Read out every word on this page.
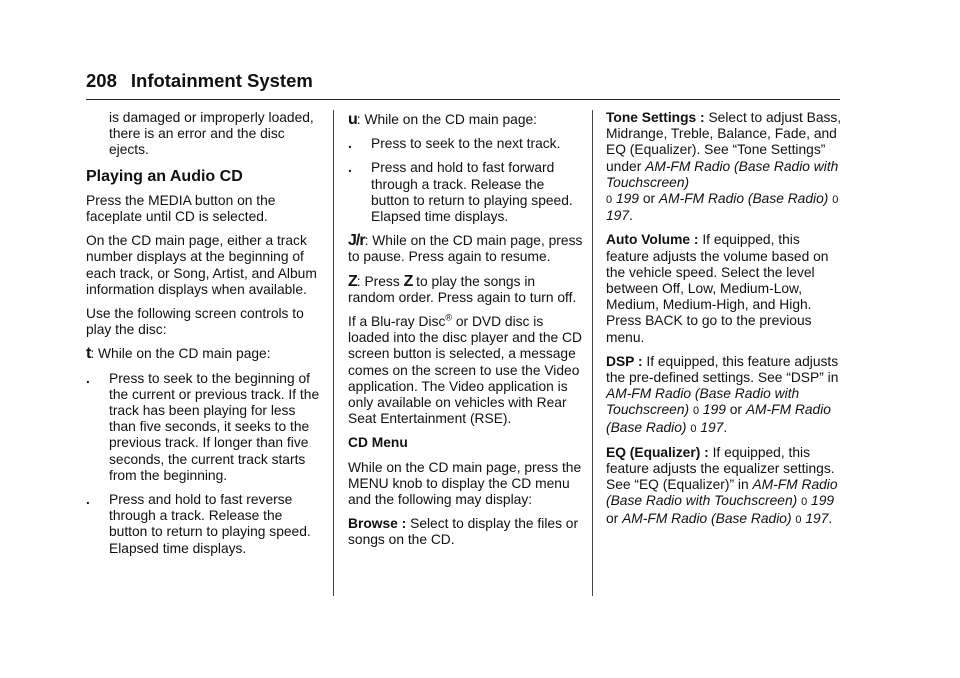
208 Infotainment System

is damaged or improperly loaded, there is an error and the disc ejects.

Playing an Audio CD

Press the MEDIA button on the faceplate until CD is selected.

On the CD main page, either a track number displays at the beginning of each track, or Song, Artist, and Album information displays when available.

Use the following screen controls to play the disc:

t: While on the CD main page:

.	Press to seek to the beginning of the current or previous track. If the track has been playing for less than five seconds, it seeks to the previous track. If longer than five seconds, the current track starts from the beginning.
.	Press and hold to fast reverse through a track. Release the button to return to playing speed. Elapsed time displays.

u: While on the CD main page:

.	Press to seek to the next track.
.	Press and hold to fast forward through a track. Release the button to return to playing speed. Elapsed time displays.

J/r: While on the CD main page, press to pause. Press again to resume.

Z: Press Z to play the songs in random order. Press again to turn off.

If a Blu-ray Disc® or DVD disc is loaded into the disc player and the CD screen button is selected, a message comes on the screen to use the Video application. The Video application is only available on vehicles with Rear Seat Entertainment (RSE).

CD Menu

While on the CD main page, press the MENU knob to display the CD menu and the following may display:

Browse : Select to display the files or songs on the CD.

Tone Settings : Select to adjust Bass, Midrange, Treble, Balance, Fade, and EQ (Equalizer). See “Tone Settings” under AM-FM Radio (Base Radio with Touchscreen)
0 199 or AM-FM Radio (Base Radio) 0 197.

Auto Volume : If equipped, this feature adjusts the volume based on the vehicle speed. Select the level between Off, Low, Medium-Low, Medium, Medium-High, and High. Press BACK to go to the previous menu.

DSP : If equipped, this feature adjusts the pre-defined settings. See “DSP” in AM-FM Radio (Base Radio with Touchscreen) 0 199 or AM-FM Radio (Base Radio) 0 197.

EQ (Equalizer) : If equipped, this feature adjusts the equalizer settings. See “EQ (Equalizer)” in AM-FM Radio (Base Radio with Touchscreen) 0 199 or AM-FM Radio (Base Radio) 0 197.
